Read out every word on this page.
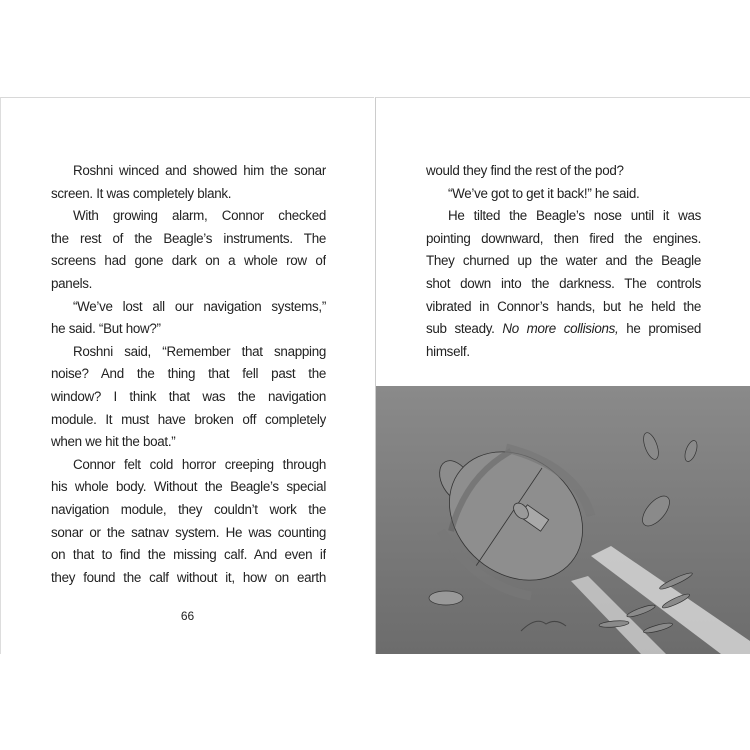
Roshni winced and showed him the sonar
screen. It was completely blank.
With growing alarm, Connor checked
the rest of the Beagle’s instruments. The
screens had gone dark on a whole row of
panels.
“We’ve lost all our navigation systems,”
he said. “But how?”
Roshni said, “Remember that snapping
noise? And the thing that fell past the
window? I think that was the navigation
module. It must have broken off completely
when we hit the boat.”
Connor felt cold horror creeping through
his whole body. Without the Beagle’s special
navigation module, they couldn’t work the
sonar or the satnav system. He was counting
on that to find the missing calf. And even if
they found the calf without it, how on earth
66
would they find the rest of the pod?
“We’ve got to get it back!” he said.
He tilted the Beagle’s nose until it was
pointing downward, then fired the engines.
They churned up the water and the Beagle
shot down into the darkness. The controls
vibrated in Connor’s hands, but he held the
sub steady. No more collisions, he promised
himself.
